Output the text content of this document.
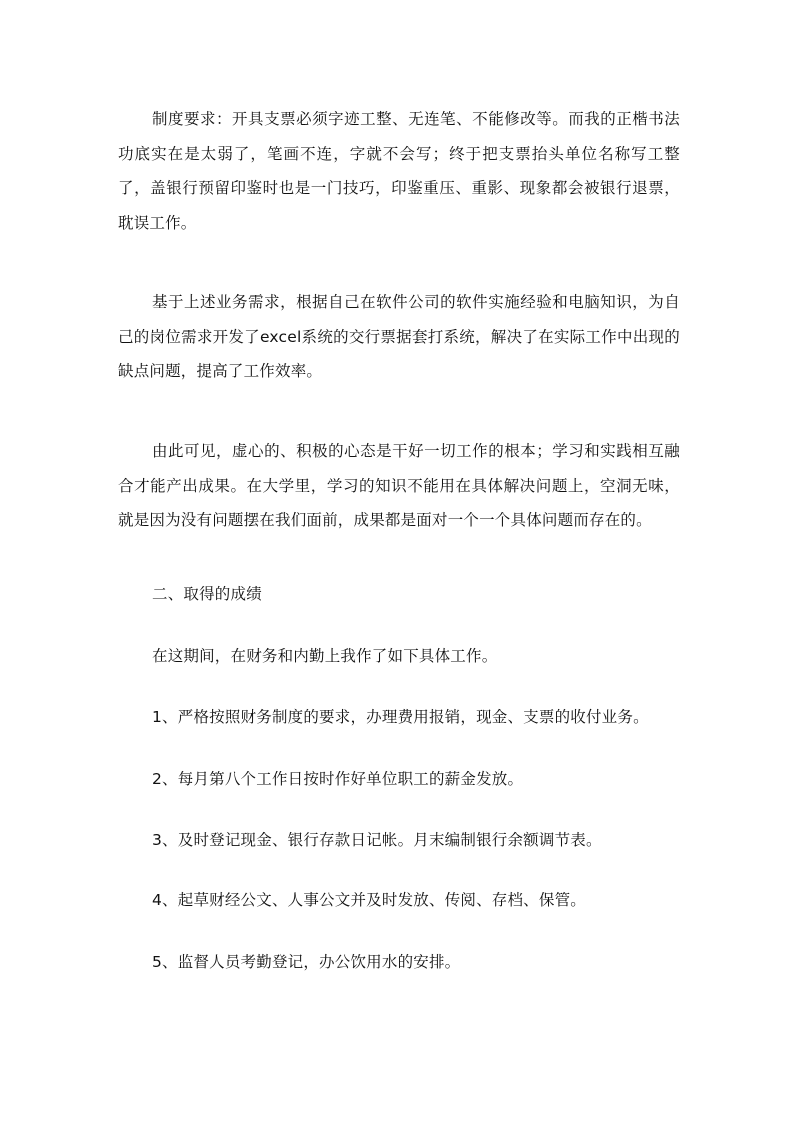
制度要求：开具支票必须字迹工整、无连笔、不能修改等。而我的正楷书法功底实在是太弱了，笔画不连，字就不会写；终于把支票抬头单位名称写工整了，盖银行预留印鉴时也是一门技巧，印鉴重压、重影、现象都会被银行退票，耽误工作。

基于上述业务需求，根据自己在软件公司的软件实施经验和电脑知识，为自己的岗位需求开发了excel系统的交行票据套打系统，解决了在实际工作中出现的缺点问题，提高了工作效率。

由此可见，虚心的、积极的心态是干好一切工作的根本；学习和实践相互融合才能产出成果。在大学里，学习的知识不能用在具体解决问题上，空洞无味，就是因为没有问题摆在我们面前，成果都是面对一个一个具体问题而存在的。

二、取得的成绩

在这期间，在财务和内勤上我作了如下具体工作。

1、严格按照财务制度的要求，办理费用报销，现金、支票的收付业务。

2、每月第八个工作日按时作好单位职工的薪金发放。

3、及时登记现金、银行存款日记帐。月末编制银行余额调节表。

4、起草财经公文、人事公文并及时发放、传阅、存档、保管。

5、监督人员考勤登记，办公饮用水的安排。
